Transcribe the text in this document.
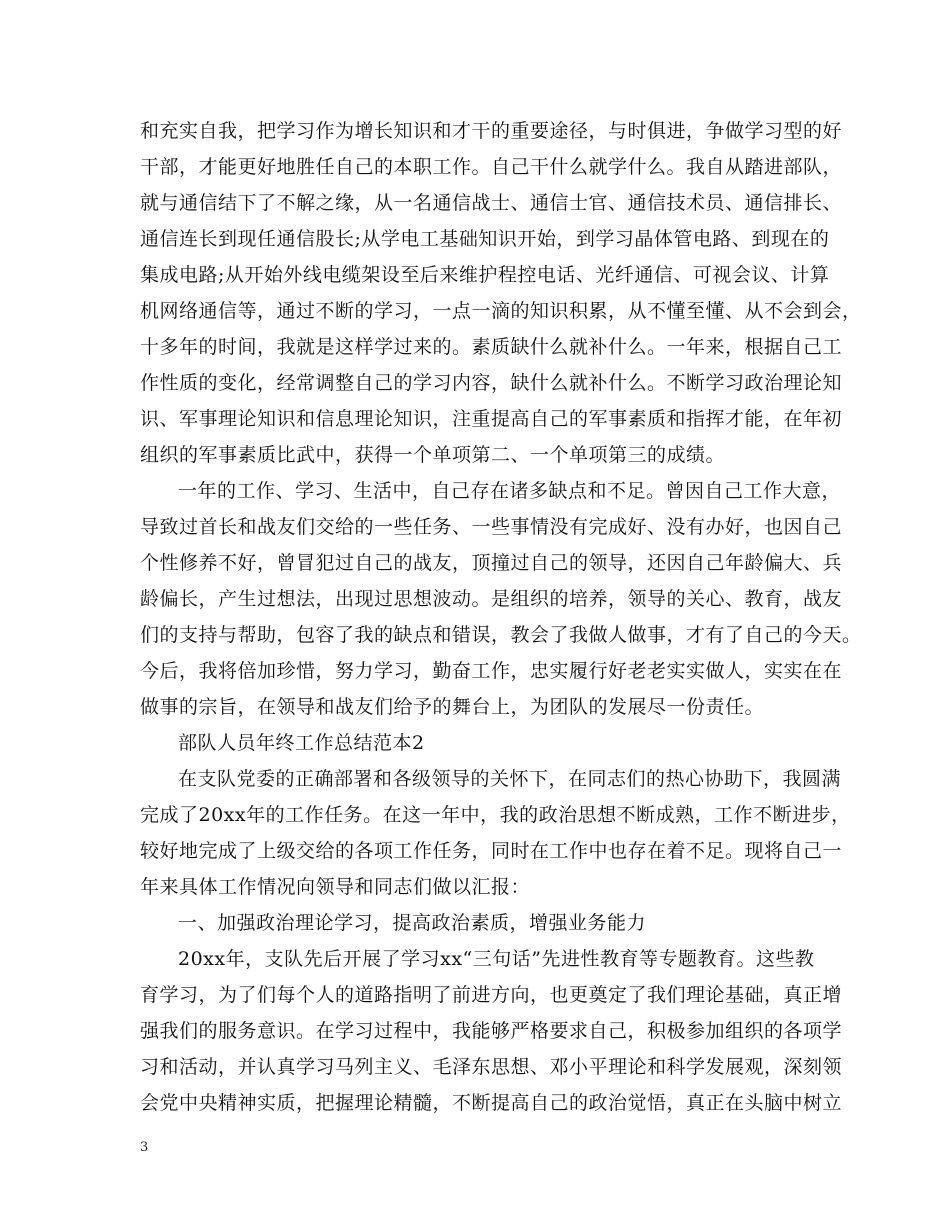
和充实自我，把学习作为增长知识和才干的重要途径，与时俱进，争做学习型的好
干部，才能更好地胜任自己的本职工作。自己干什么就学什么。我自从踏进部队，
就与通信结下了不解之缘，从一名通信战士、通信士官、通信技术员、通信排长、
通信连长到现任通信股长;从学电工基础知识开始，到学习晶体管电路、到现在的
集成电路;从开始外线电缆架设至后来维护程控电话、光纤通信、可视会议、计算
机网络通信等，通过不断的学习，一点一滴的知识积累，从不懂至懂、从不会到会，
十多年的时间，我就是这样学过来的。素质缺什么就补什么。一年来，根据自己工
作性质的变化，经常调整自己的学习内容，缺什么就补什么。不断学习政治理论知
识、军事理论知识和信息理论知识，注重提高自己的军事素质和指挥才能，在年初
组织的军事素质比武中，获得一个单项第二、一个单项第三的成绩。
一年的工作、学习、生活中，自己存在诸多缺点和不足。曾因自己工作大意，
导致过首长和战友们交给的一些任务、一些事情没有完成好、没有办好，也因自己
个性修养不好，曾冒犯过自己的战友，顶撞过自己的领导，还因自己年龄偏大、兵
龄偏长，产生过想法，出现过思想波动。是组织的培养，领导的关心、教育，战友
们的支持与帮助，包容了我的缺点和错误，教会了我做人做事，才有了自己的今天。
今后，我将倍加珍惜，努力学习，勤奋工作，忠实履行好老老实实做人，实实在在
做事的宗旨，在领导和战友们给予的舞台上，为团队的发展尽一份责任。
部队人员年终工作总结范本2
在支队党委的正确部署和各级领导的关怀下，在同志们的热心协助下，我圆满
完成了20xx年的工作任务。在这一年中，我的政治思想不断成熟，工作不断进步，
较好地完成了上级交给的各项工作任务，同时在工作中也存在着不足。现将自己一
年来具体工作情况向领导和同志们做以汇报：
一、加强政治理论学习，提高政治素质，增强业务能力
20xx年，支队先后开展了学习xx“三句话”先进性教育等专题教育。这些教
育学习，为了们每个人的道路指明了前进方向，也更奠定了我们理论基础，真正增
强我们的服务意识。在学习过程中，我能够严格要求自己，积极参加组织的各项学
习和活动，并认真学习马列主义、毛泽东思想、邓小平理论和科学发展观，深刻领
会党中央精神实质，把握理论精髓，不断提高自己的政治觉悟，真正在头脑中树立
3
